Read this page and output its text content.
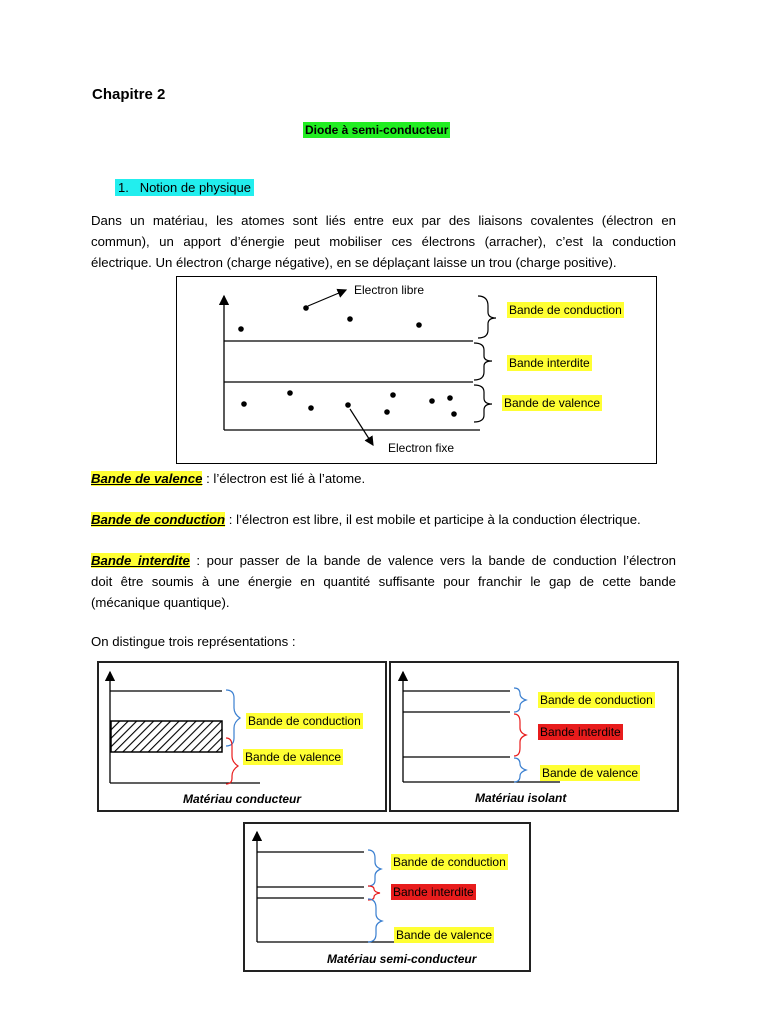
Chapitre 2
Diode à semi-conducteur
1. Notion de physique
Dans un matériau, les atomes sont liés entre eux par des liaisons covalentes (électron en
commun), un apport d’énergie peut mobiliser ces électrons (arracher), c’est la conduction
électrique. Un électron (charge négative), en se déplaçant laisse un trou (charge positive).
Electron libre
Electron fixe
Bande de conduction
Bande interdite
Bande de valence
Bande de valence : l’électron est lié à l’atome.
Bande de conduction : l’électron est libre, il est mobile et participe à la conduction électrique.
Bande interdite : pour passer de la bande de valence vers la bande de conduction l’électron
doit être soumis à une énergie en quantité suffisante pour franchir le gap de cette bande
(mécanique quantique).
On distingue trois représentations :
Bande de conduction
Bande de valence
Matériau conducteur
Bande de conduction
Bande interdite
Bande de valence
Matériau isolant
Bande de conduction
Bande interdite
Bande de valence
Matériau semi-conducteur
